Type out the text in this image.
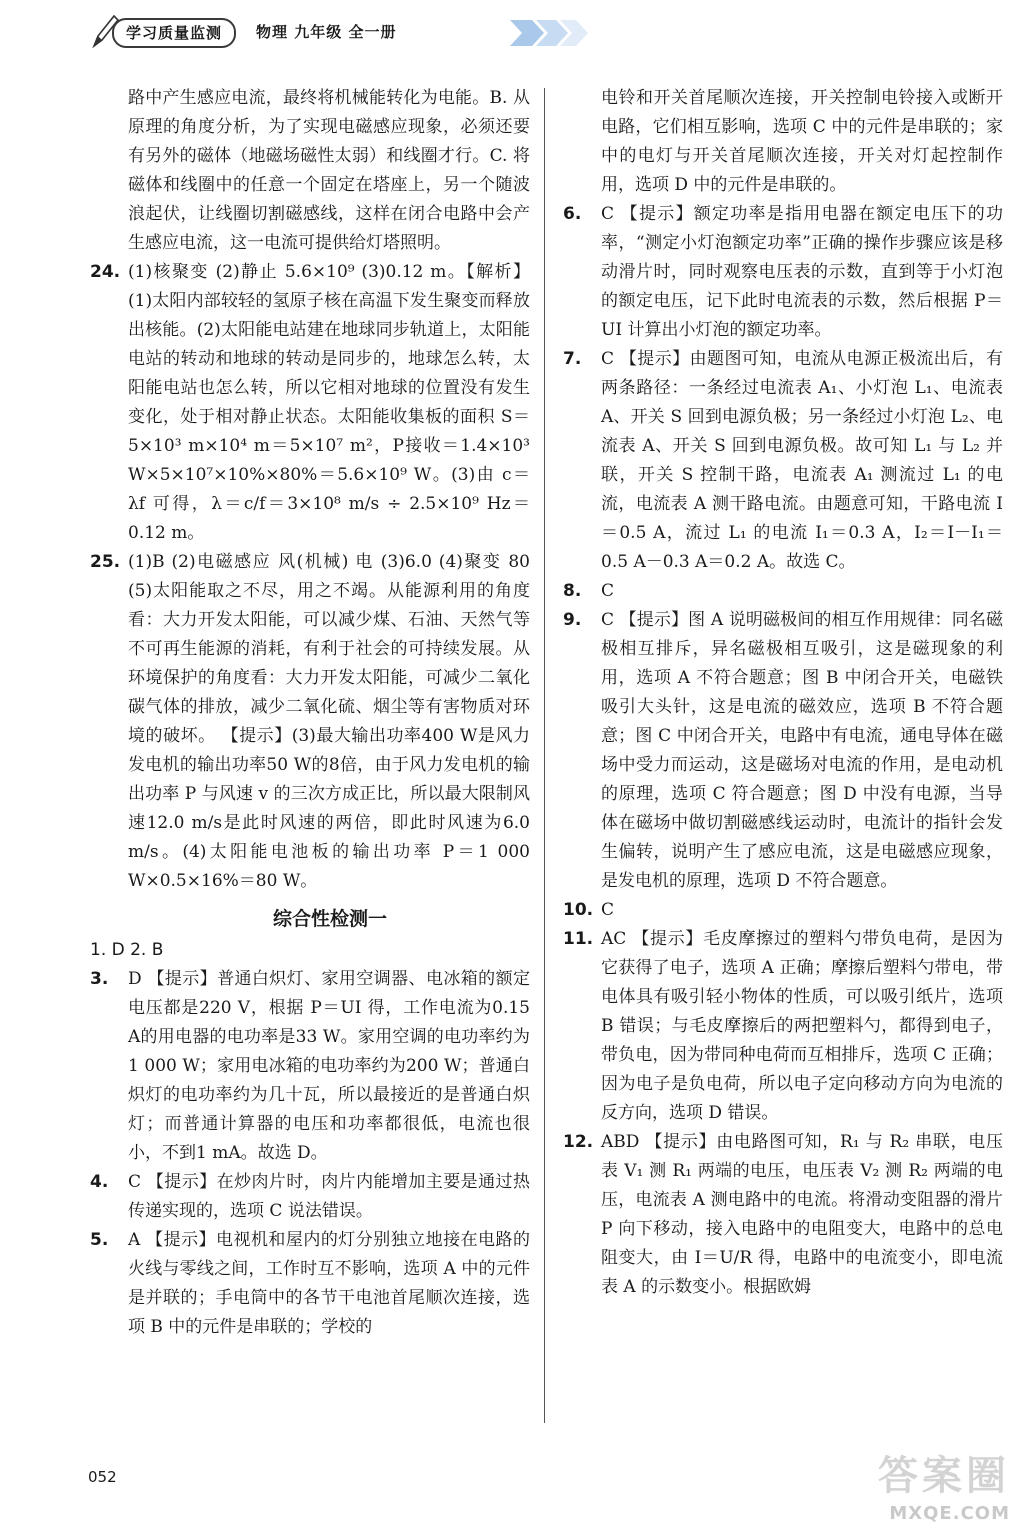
学习质量监测	物理 九年级 全一册
路中产生感应电流，最终将机械能转化为电能。B. 从原理的角度分析，为了实现电磁感应现象，必须还要有另外的磁体（地磁场磁性太弱）和线圈才行。C. 将磁体和线圈中的任意一个固定在塔座上，另一个随波浪起伏，让线圈切割磁感线，这样在闭合电路中会产生感应电流，这一电流可提供给灯塔照明。
24. (1)核聚变 (2)静止 5.6×10⁹ (3)0.12 m。【解析】(1)太阳内部较轻的氢原子核在高温下发生聚变而释放出核能。(2)太阳能电站建在地球同步轨道上，太阳能电站的转动和地球的转动是同步的，地球怎么转，太阳能电站也怎么转，所以它相对地球的位置没有发生变化，处于相对静止状态。太阳能收集板的面积 S＝5×10³ m×10⁴ m＝5×10⁷ m²，P接收＝1.4×10³ W×5×10⁷×10%×80%＝5.6×10⁹ W。(3)由 c＝λf 可得，λ＝c/f＝3×10⁸ m/s ÷ 2.5×10⁹ Hz＝0.12 m。
25. (1)B (2)电磁感应 风(机械) 电 (3)6.0 (4)聚变 80 (5)太阳能取之不尽，用之不竭。从能源利用的角度看：大力开发太阳能，可以减少煤、石油、天然气等不可再生能源的消耗，有利于社会的可持续发展。从环境保护的角度看：大力开发太阳能，可减少二氧化碳气体的排放，减少二氧化硫、烟尘等有害物质对环境的破坏。 【提示】(3)最大输出功率400 W是风力发电机的输出功率50 W的8倍，由于风力发电机的输出功率 P 与风速 v 的三次方成正比，所以最大限制风速12.0 m/s是此时风速的两倍，即此时风速为6.0 m/s。(4)太阳能电池板的输出功率 P＝1 000 W×0.5×16%＝80 W。
综合性检测一
1. D 2. B
3.	D 【提示】普通白炽灯、家用空调器、电冰箱的额定电压都是220 V，根据 P＝UI 得，工作电流为0.15 A的用电器的电功率是33 W。家用空调的电功率约为1 000 W；家用电冰箱的电功率约为200 W；普通白炽灯的电功率约为几十瓦，所以最接近的是普通白炽灯；而普通计算器的电压和功率都很低，电流也很小，不到1 mA。故选 D。
4.	C 【提示】在炒肉片时，肉片内能增加主要是通过热传递实现的，选项 C 说法错误。
5.	A 【提示】电视机和屋内的灯分别独立地接在电路的火线与零线之间，工作时互不影响，选项 A 中的元件是并联的；手电筒中的各节干电池首尾顺次连接，选项 B 中的元件是串联的；学校的
电铃和开关首尾顺次连接，开关控制电铃接入或断开电路，它们相互影响，选项 C 中的元件是串联的；家中的电灯与开关首尾顺次连接，开关对灯起控制作用，选项 D 中的元件是串联的。
6.	C 【提示】额定功率是指用电器在额定电压下的功率，“测定小灯泡额定功率”正确的操作步骤应该是移动滑片时，同时观察电压表的示数，直到等于小灯泡的额定电压，记下此时电流表的示数，然后根据 P＝UI 计算出小灯泡的额定功率。
7.	C 【提示】由题图可知，电流从电源正极流出后，有两条路径：一条经过电流表 A₁、小灯泡 L₁、电流表 A、开关 S 回到电源负极；另一条经过小灯泡 L₂、电流表 A、开关 S 回到电源负极。故可知 L₁ 与 L₂ 并联，开关 S 控制干路，电流表 A₁ 测流过 L₁ 的电流，电流表 A 测干路电流。由题意可知，干路电流 I＝0.5 A，流过 L₁ 的电流 I₁＝0.3 A，I₂＝I－I₁＝0.5 A－0.3 A＝0.2 A。故选 C。
8.	C
9.	C 【提示】图 A 说明磁极间的相互作用规律：同名磁极相互排斥，异名磁极相互吸引，这是磁现象的利用，选项 A 不符合题意；图 B 中闭合开关，电磁铁吸引大头针，这是电流的磁效应，选项 B 不符合题意；图 C 中闭合开关，电路中有电流，通电导体在磁场中受力而运动，这是磁场对电流的作用，是电动机的原理，选项 C 符合题意；图 D 中没有电源，当导体在磁场中做切割磁感线运动时，电流计的指针会发生偏转，说明产生了感应电流，这是电磁感应现象，是发电机的原理，选项 D 不符合题意。
10. C
11. AC 【提示】毛皮摩擦过的塑料勺带负电荷，是因为它获得了电子，选项 A 正确；摩擦后塑料勺带电，带电体具有吸引轻小物体的性质，可以吸引纸片，选项 B 错误；与毛皮摩擦后的两把塑料勺，都得到电子，带负电，因为带同种电荷而互相排斥，选项 C 正确；因为电子是负电荷，所以电子定向移动方向为电流的反方向，选项 D 错误。
12. ABD 【提示】由电路图可知，R₁ 与 R₂ 串联，电压表 V₁ 测 R₁ 两端的电压，电压表 V₂ 测 R₂ 两端的电压，电流表 A 测电路中的电流。将滑动变阻器的滑片 P 向下移动，接入电路中的电阻变大，电路中的总电阻变大，由 I＝U/R 得，电路中的电流变小，即电流表 A 的示数变小。根据欧姆
052	答案圈
MXQE.COM
